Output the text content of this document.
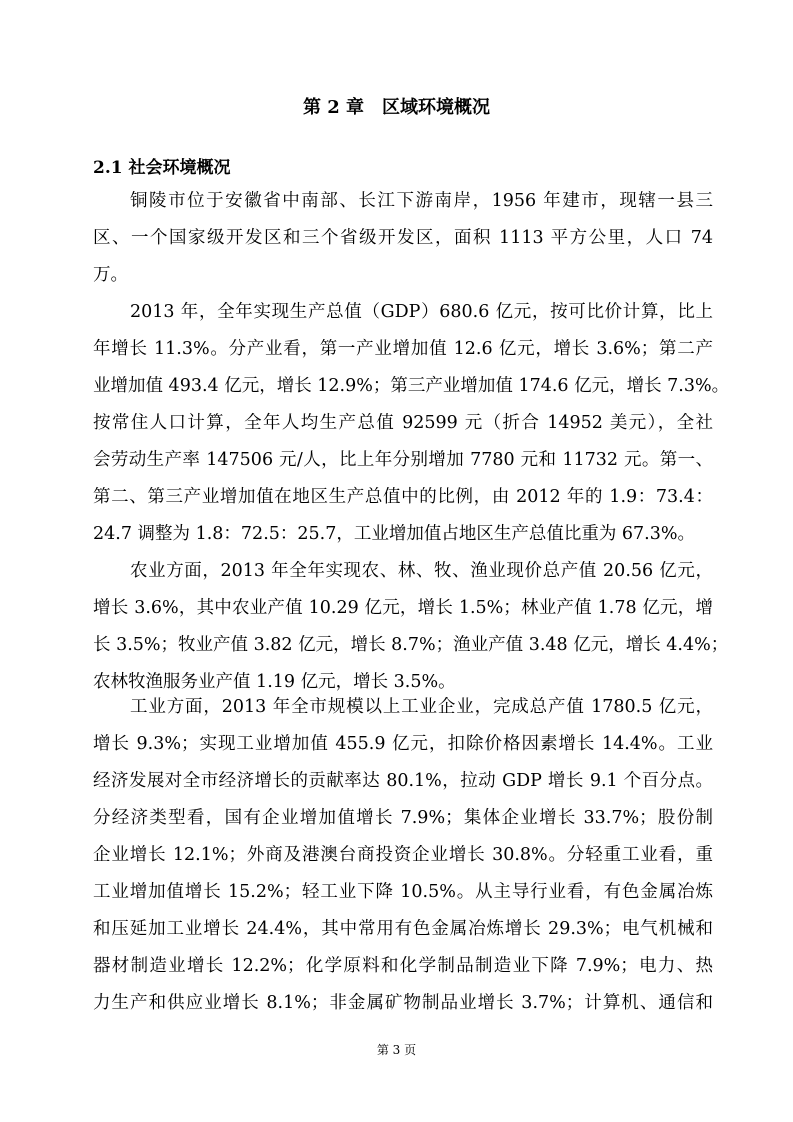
第 2 章　区域环境概况
2.1 社会环境概况
铜陵市位于安徽省中南部、长江下游南岸，1956 年建市，现辖一县三
区、一个国家级开发区和三个省级开发区，面积 1113 平方公里，人口 74
万。
2013 年，全年实现生产总值（GDP）680.6 亿元，按可比价计算，比上
年增长 11.3%。分产业看，第一产业增加值 12.6 亿元，增长 3.6%；第二产
业增加值 493.4 亿元，增长 12.9%；第三产业增加值 174.6 亿元，增长 7.3%。
按常住人口计算，全年人均生产总值 92599 元（折合 14952 美元），全社
会劳动生产率 147506 元/人，比上年分别增加 7780 元和 11732 元。第一、
第二、第三产业增加值在地区生产总值中的比例，由 2012 年的 1.9：73.4：
24.7 调整为 1.8：72.5：25.7，工业增加值占地区生产总值比重为 67.3%。
农业方面，2013 年全年实现农、林、牧、渔业现价总产值 20.56 亿元，
增长 3.6%，其中农业产值 10.29 亿元，增长 1.5%；林业产值 1.78 亿元，增
长 3.5%；牧业产值 3.82 亿元，增长 8.7%；渔业产值 3.48 亿元，增长 4.4%；
农林牧渔服务业产值 1.19 亿元，增长 3.5%。
工业方面，2013 年全市规模以上工业企业，完成总产值 1780.5 亿元，
增长 9.3%；实现工业增加值 455.9 亿元，扣除价格因素增长 14.4%。工业
经济发展对全市经济增长的贡献率达 80.1%，拉动 GDP 增长 9.1 个百分点。
分经济类型看，国有企业增加值增长 7.9%；集体企业增长 33.7%；股份制
企业增长 12.1%；外商及港澳台商投资企业增长 30.8%。分轻重工业看，重
工业增加值增长 15.2%；轻工业下降 10.5%。从主导行业看，有色金属冶炼
和压延加工业增长 24.4%，其中常用有色金属冶炼增长 29.3%；电气机械和
器材制造业增长 12.2%；化学原料和化学制品制造业下降 7.9%；电力、热
力生产和供应业增长 8.1%；非金属矿物制品业增长 3.7%；计算机、通信和
第 3 页
